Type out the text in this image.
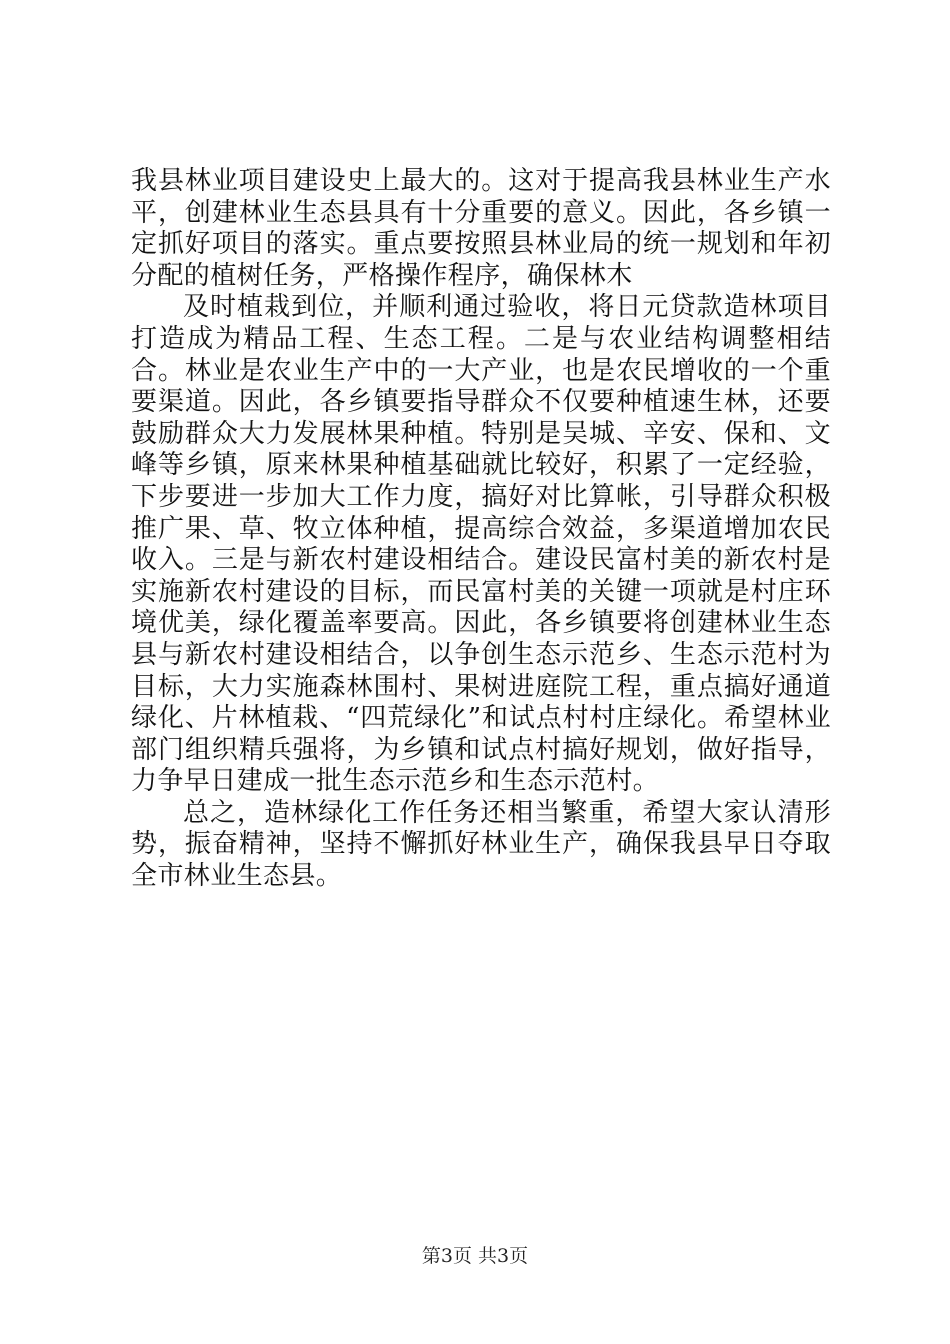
我县林业项目建设史上最大的。这对于提高我县林业生产水平，创建林业生态县具有十分重要的意义。因此，各乡镇一定抓好项目的落实。重点要按照县林业局的统一规划和年初分配的植树任务，严格操作程序，确保林木

及时植栽到位，并顺利通过验收，将日元贷款造林项目打造成为精品工程、生态工程。二是与农业结构调整相结合。林业是农业生产中的一大产业，也是农民增收的一个重要渠道。因此，各乡镇要指导群众不仅要种植速生林，还要鼓励群众大力发展林果种植。特别是吴城、辛安、保和、文峰等乡镇，原来林果种植基础就比较好，积累了一定经验，下步要进一步加大工作力度，搞好对比算帐，引导群众积极推广果、草、牧立体种植，提高综合效益，多渠道增加农民收入。三是与新农村建设相结合。建设民富村美的新农村是实施新农村建设的目标，而民富村美的关键一项就是村庄环境优美，绿化覆盖率要高。因此，各乡镇要将创建林业生态县与新农村建设相结合，以争创生态示范乡、生态示范村为目标，大力实施森林围村、果树进庭院工程，重点搞好通道绿化、片林植栽、“四荒绿化”和试点村村庄绿化。希望林业部门组织精兵强将，为乡镇和试点村搞好规划，做好指导，力争早日建成一批生态示范乡和生态示范村。

总之，造林绿化工作任务还相当繁重，希望大家认清形势，振奋精神，坚持不懈抓好林业生产，确保我县早日夺取全市林业生态县。

第3页 共3页
